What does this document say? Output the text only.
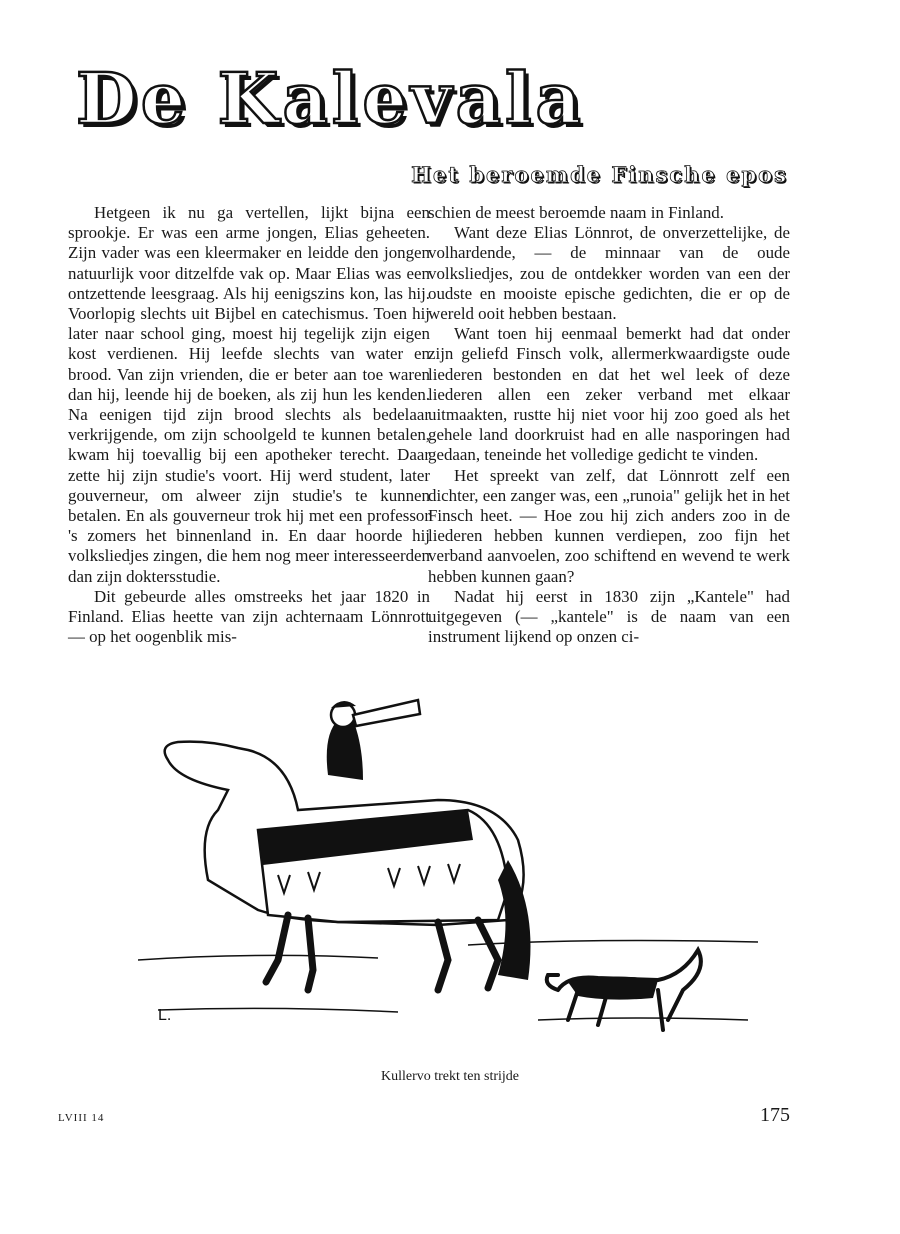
De Kalevala
Het beroemde Finsche epos

Hetgeen ik nu ga vertellen, lijkt bijna een sprookje. Er was een arme jongen, Elias geheeten. Zijn vader was een kleermaker en leidde den jongen natuurlijk voor ditzelfde vak op. Maar Elias was een ontzettende leesgraag. Als hij eenigszins kon, las hij. Voorlopig slechts uit Bijbel en catechismus. Toen hij later naar school ging, moest hij tegelijk zijn eigen kost verdienen. Hij leefde slechts van water en brood. Van zijn vrienden, die er beter aan toe waren dan hij, leende hij de boeken, als zij hun les kenden. Na eenigen tijd zijn brood slechts als bedelaar verkrijgende, om zijn schoolgeld te kunnen betalen, kwam hij toevallig bij een apotheker terecht. Daar zette hij zijn studie's voort. Hij werd student, later gouverneur, om alweer zijn studie's te kunnen betalen. En als gouverneur trok hij met een professor 's zomers het binnenland in. En daar hoorde hij volksliedjes zingen, die hem nog meer interesseerden dan zijn doktersstudie.

Dit gebeurde alles omstreeks het jaar 1820 in Finland. Elias heette van zijn achternaam Lönnrott — op het oogenblik mis-

schien de meest beroemde naam in Finland.

Want deze Elias Lönnrot, de onverzettelijke, de volhardende, — de minnaar van de oude volksliedjes, zou de ontdekker worden van een der oudste en mooiste epische gedichten, die er op de wereld ooit hebben bestaan.

Want toen hij eenmaal bemerkt had dat onder zijn geliefd Finsch volk, allermerkwaardigste oude liederen bestonden en dat het wel leek of deze liederen allen een zeker verband met elkaar uitmaakten, rustte hij niet voor hij zoo goed als het gehele land doorkruist had en alle nasporingen had gedaan, teneinde het volledige gedicht te vinden.

Het spreekt van zelf, dat Lönnrott zelf een dichter, een zanger was, een „runoia" gelijk het in het Finsch heet. — Hoe zou hij zich anders zoo in de liederen hebben kunnen verdiepen, zoo fijn het verband aanvoelen, zoo schiftend en wevend te werk hebben kunnen gaan?

Nadat hij eerst in 1830 zijn „Kantele" had uitgegeven (— „kantele" is de naam van een instrument lijkend op onzen ci-

L.
Kullervo trekt ten strijde
LVIII 14	175
